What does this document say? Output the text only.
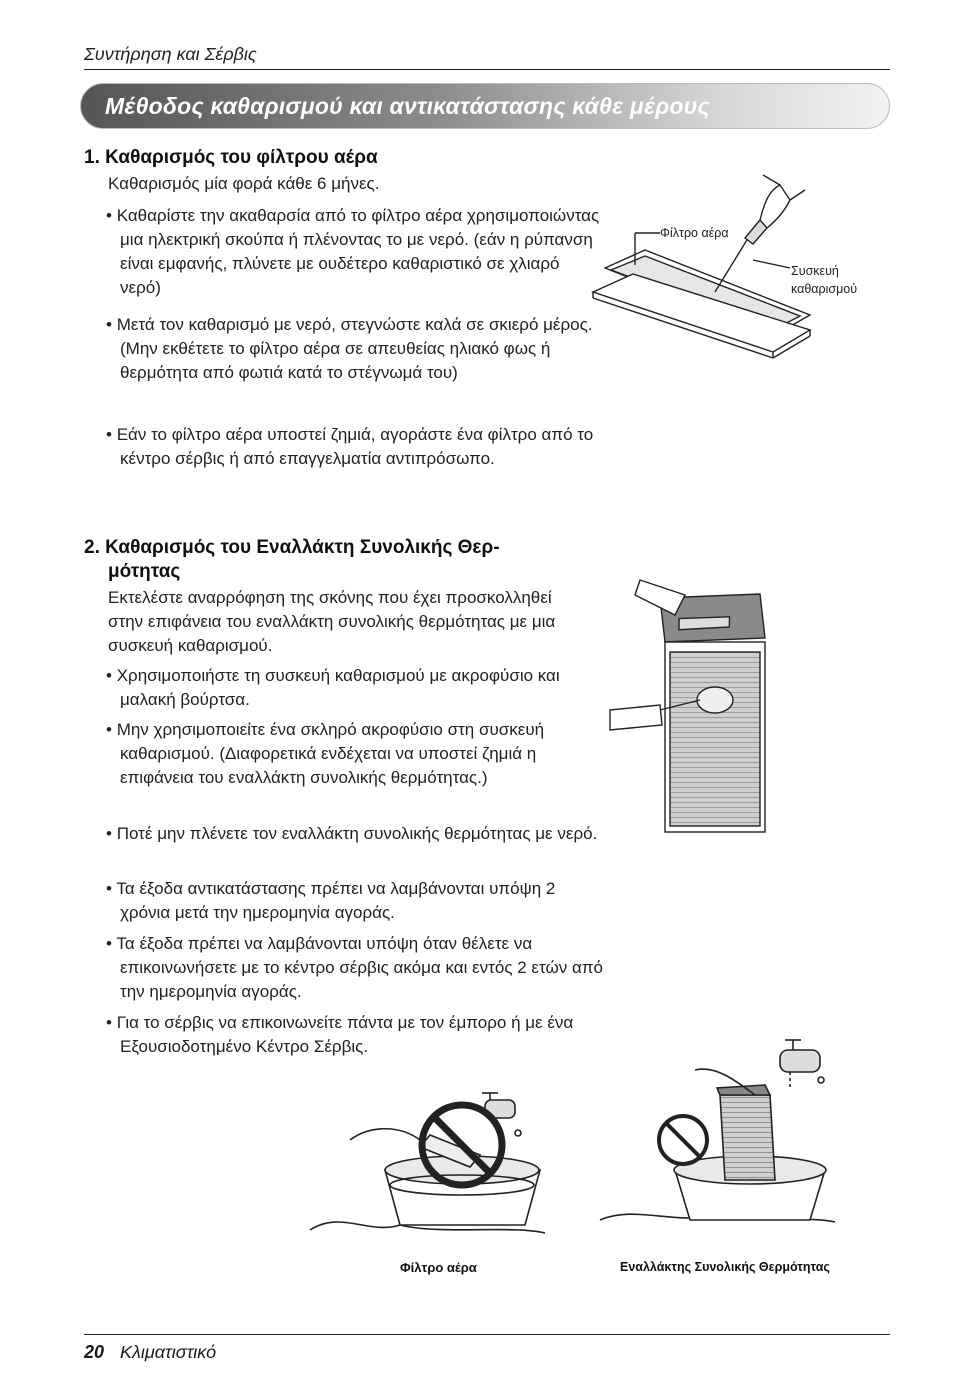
Συντήρηση και Σέρβις
Μέθοδος καθαρισμού και αντικατάστασης κάθε μέρους
1. Καθαρισμός του φίλτρου αέρα
Καθαρισμός μία φορά κάθε 6 μήνες.
• Καθαρίστε την ακαθαρσία από το φίλτρο αέρα χρησιμοποιώντας μια ηλεκτρική σκούπα ή πλένοντας το με νερό. (εάν η ρύπανση είναι εμφανής, πλύνετε με ουδέτερο καθαριστικό σε χλιαρό νερό)
• Μετά τον καθαρισμό με νερό, στεγνώστε καλά σε σκιερό μέρος.(Μην εκθέτετε το φίλτρο αέρα σε απευθείας ηλιακό φως ή θερμότητα από φωτιά κατά το στέγνωμά του)
• Εάν το φίλτρο αέρα υποστεί ζημιά, αγοράστε ένα φίλτρο από το κέντρο σέρβις ή από επαγγελματία αντιπρόσωπο.
Φίλτρο αέρα
Συσκευή
καθαρισμού
2. Καθαρισμός του Εναλλάκτη Συνολικής Θερ-
μότητας
Εκτελέστε αναρρόφηση της σκόνης που έχει προσκολληθεί στην επιφάνεια του εναλλάκτη συνολικής θερμότητας με μια συσκευή καθαρισμού.
• Χρησιμοποιήστε τη συσκευή καθαρισμού με ακροφύσιο και μαλακή βούρτσα.
• Μην χρησιμοποιείτε ένα σκληρό ακροφύσιο στη συσκευή καθαρισμού. (Διαφορετικά ενδέχεται να υποστεί ζημιά η επιφάνεια του εναλλάκτη συνολικής θερμότητας.)
• Ποτέ μην πλένετε τον εναλλάκτη συνολικής θερμότητας με νερό.
• Τα έξοδα αντικατάστασης πρέπει να λαμβάνονται υπόψη 2 χρόνια μετά την ημερομηνία αγοράς.
• Τα έξοδα πρέπει να λαμβάνονται υπόψη όταν θέλετε να επικοινωνήσετε με το κέντρο σέρβις ακόμα και εντός 2 ετών από την ημερομηνία αγοράς.
• Για το σέρβις να επικοινωνείτε πάντα με τον έμπορο ή με ένα Εξουσιοδοτημένο Κέντρο Σέρβις.
Φίλτρο αέρα	Εναλλάκτης Συνολικής Θερμότητας
20 Κλιματιστικό
